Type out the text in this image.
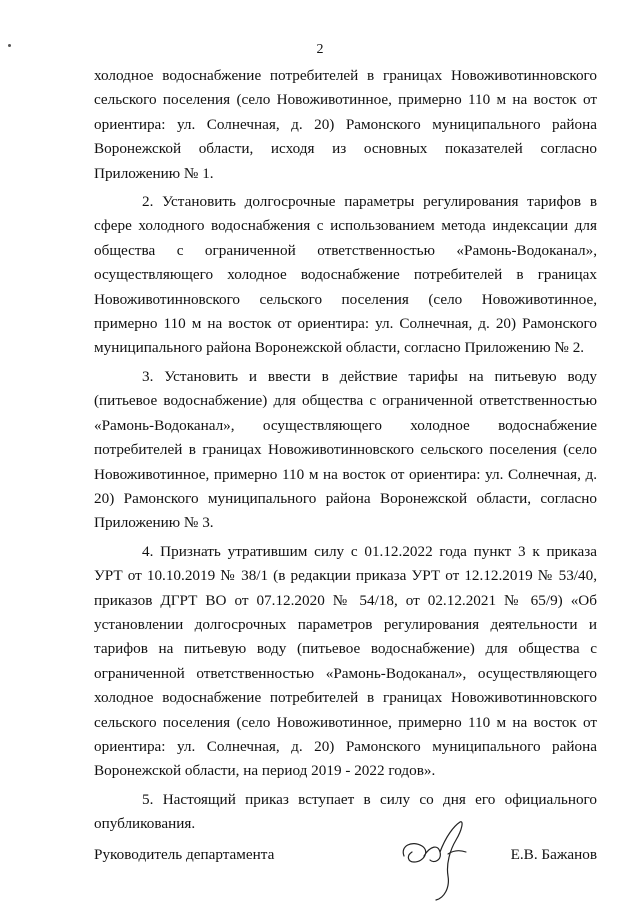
2

холодное водоснабжение потребителей в границах Новоживотинновского сельского поселения (село Новоживотинное, примерно 110 м на восток от ориентира: ул. Солнечная, д. 20) Рамонского муниципального района Воронежской области, исходя из основных показателей согласно Приложению № 1.

2. Установить долгосрочные параметры регулирования тарифов в сфере холодного водоснабжения с использованием метода индексации для общества с ограниченной ответственностью «Рамонь-Водоканал», осуществляющего холодное водоснабжение потребителей в границах Новоживотинновского сельского поселения (село Новоживотинное, примерно 110 м на восток от ориентира: ул. Солнечная, д. 20) Рамонского муниципального района Воронежской области, согласно Приложению № 2.

3. Установить и ввести в действие тарифы на питьевую воду (питьевое водоснабжение) для общества с ограниченной ответственностью «Рамонь-Водоканал», осуществляющего холодное водоснабжение потребителей в границах Новоживотинновского сельского поселения (село Новоживотинное, примерно 110 м на восток от ориентира: ул. Солнечная, д. 20) Рамонского муниципального района Воронежской области, согласно Приложению № 3.

4. Признать утратившим силу с 01.12.2022 года пункт 3 к приказа УРТ от 10.10.2019 № 38/1 (в редакции приказа УРТ от 12.12.2019 № 53/40, приказов ДГРТ ВО от 07.12.2020 № 54/18, от 02.12.2021 № 65/9) «Об установлении долгосрочных параметров регулирования деятельности и тарифов на питьевую воду (питьевое водоснабжение) для общества с ограниченной ответственностью «Рамонь-Водоканал», осуществляющего холодное водоснабжение потребителей в границах Новоживотинновского сельского поселения (село Новоживотинное, примерно 110 м на восток от ориентира: ул. Солнечная, д. 20) Рамонского муниципального района Воронежской области, на период 2019 - 2022 годов».

5. Настоящий приказ вступает в силу со дня его официального опубликования.

Руководитель департамента	Е.В. Бажанов
